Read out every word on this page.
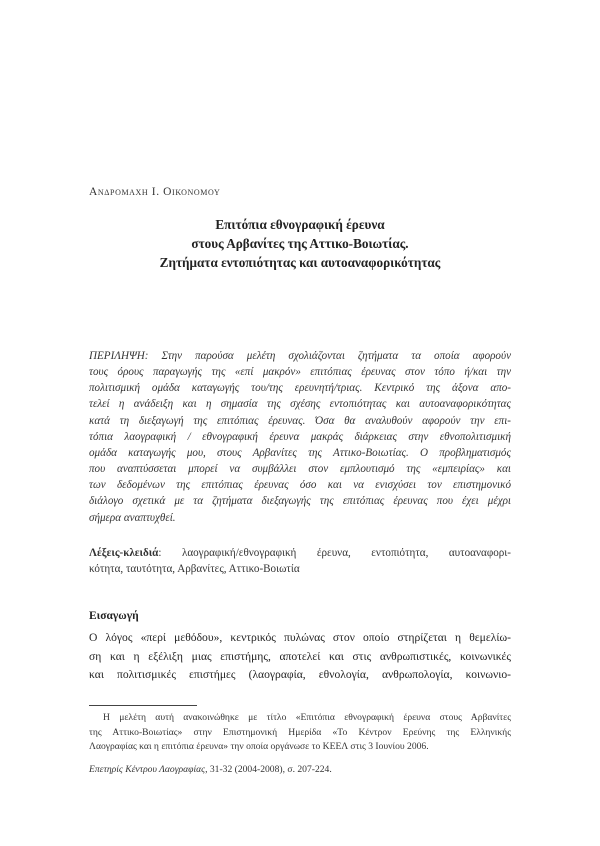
Ανδρομαχη Ι. Οικονομου
Επιτόπια εθνογραφική έρευνα
στους Αρβανίτες της Αττικο-Βοιωτίας.
Ζητήματα εντοπιότητας και αυτοαναφορικότητας
ΠΕΡΙΛΗΨΗ: Στην παρούσα μελέτη σχολιάζονται ζητήματα τα οποία αφορούν
τους όρους παραγωγής της «επί μακρόν» επιτόπιας έρευνας στον τόπο ή/και την
πολιτισμική ομάδα καταγωγής του/της ερευνητή/τριας. Κεντρικό της άξονα απο-
τελεί η ανάδειξη και η σημασία της σχέσης εντοπιότητας και αυτοαναφορικότητας
κατά τη διεξαγωγή της επιτόπιας έρευνας. Όσα θα αναλυθούν αφορούν την επι-
τόπια λαογραφική / εθνογραφική έρευνα μακράς διάρκειας στην εθνοπολιτισμική
ομάδα καταγωγής μου, στους Αρβανίτες της Αττικο-Βοιωτίας. Ο προβληματισμός
που αναπτύσσεται μπορεί να συμβάλλει στον εμπλουτισμό της «εμπειρίας» και
των δεδομένων της επιτόπιας έρευνας όσο και να ενισχύσει τον επιστημονικό
διάλογο σχετικά με τα ζητήματα διεξαγωγής της επιτόπιας έρευνας που έχει μέχρι
σήμερα αναπτυχθεί.
Λέξεις-κλειδιά: λαογραφική/εθνογραφική έρευνα, εντοπιότητα, αυτοαναφορι-
κότητα, ταυτότητα, Αρβανίτες, Αττικο-Βοιωτία
Εισαγωγή
Ο λόγος «περί μεθόδου», κεντρικός πυλώνας στον οποίο στηρίζεται η θεμελίω-
ση και η εξέλιξη μιας επιστήμης, αποτελεί και στις ανθρωπιστικές, κοινωνικές
και πολιτισμικές επιστήμες (λαογραφία, εθνολογία, ανθρωπολογία, κοινωνιο-
Η μελέτη αυτή ανακοινώθηκε με τίτλο «Επιτόπια εθνογραφική έρευνα στους Αρβανίτες
της Αττικο-Βοιωτίας» στην Επιστημονική Ημερίδα «Το Κέντρον Ερεύνης της Ελληνικής
Λαογραφίας και η επιτόπια έρευνα» την οποία οργάνωσε το ΚΕΕΛ στις 3 Ιουνίου 2006.
Επετηρίς Κέντρου Λαογραφίας, 31-32 (2004-2008), σ. 207-224.
